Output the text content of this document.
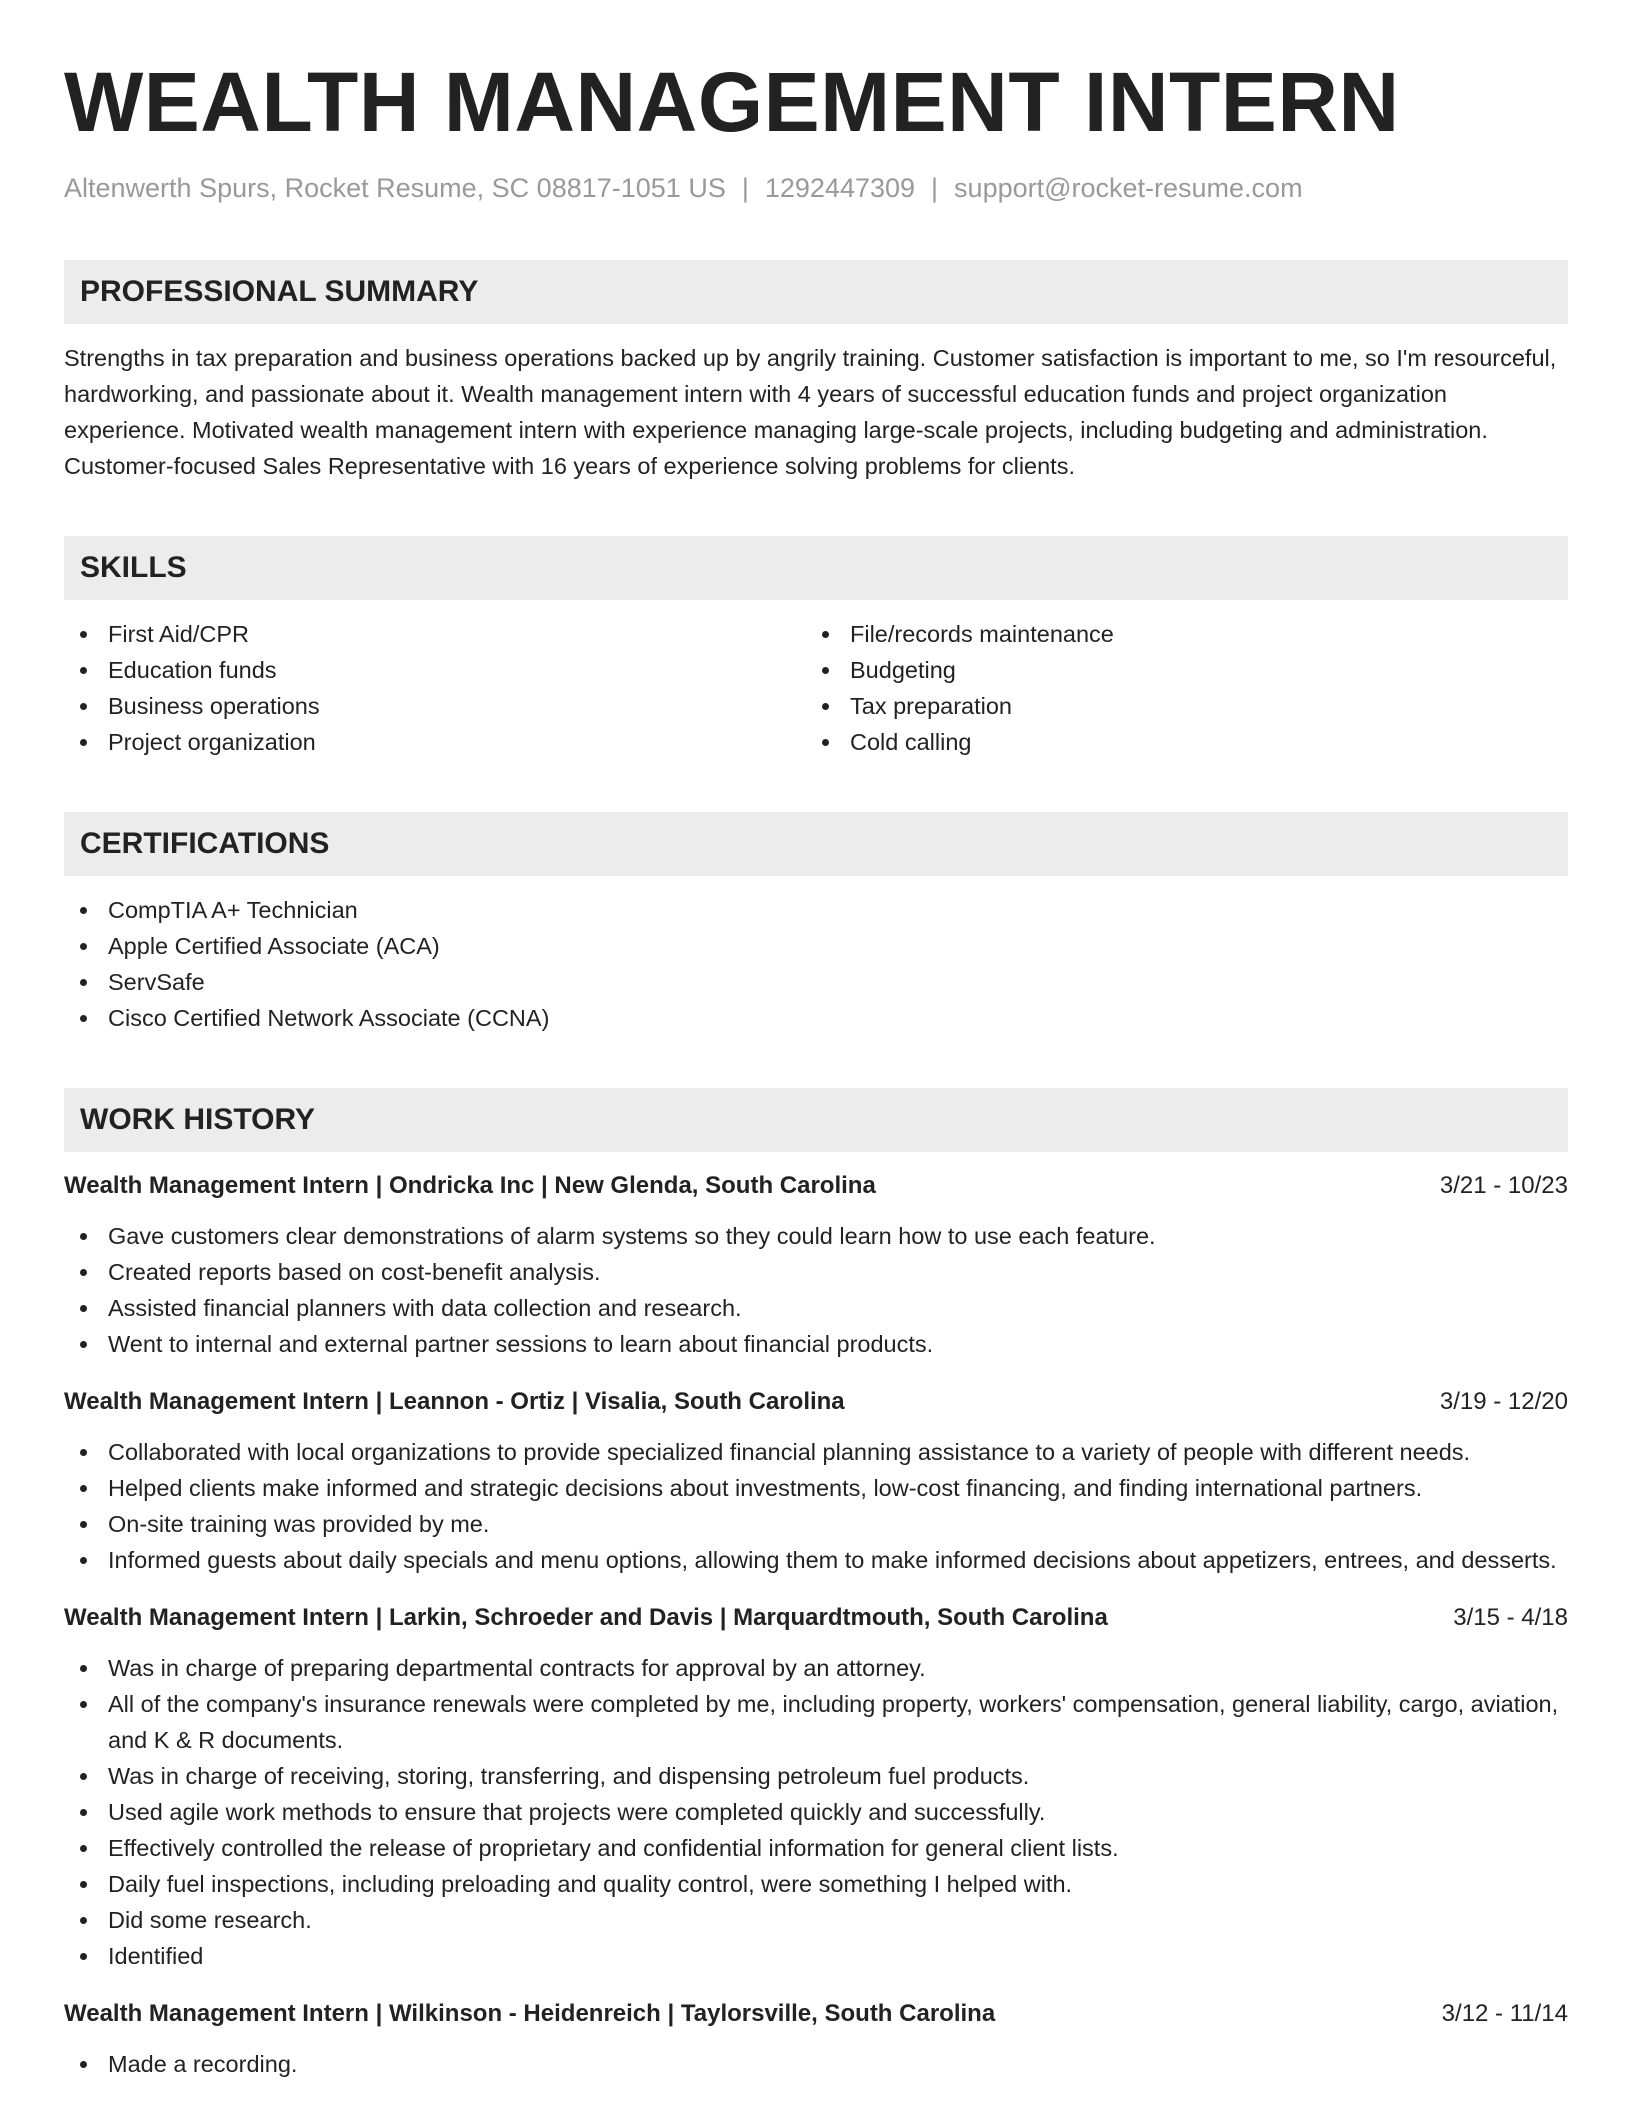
WEALTH MANAGEMENT INTERN
Altenwerth Spurs, Rocket Resume, SC 08817-1051 US | 1292447309 | support@rocket-resume.com
PROFESSIONAL SUMMARY
Strengths in tax preparation and business operations backed up by angrily training. Customer satisfaction is important to me, so I'm resourceful, hardworking, and passionate about it. Wealth management intern with 4 years of successful education funds and project organization experience. Motivated wealth management intern with experience managing large-scale projects, including budgeting and administration. Customer-focused Sales Representative with 16 years of experience solving problems for clients.
SKILLS
First Aid/CPR
Education funds
Business operations
Project organization
File/records maintenance
Budgeting
Tax preparation
Cold calling
CERTIFICATIONS
CompTIA A+ Technician
Apple Certified Associate (ACA)
ServSafe
Cisco Certified Network Associate (CCNA)
WORK HISTORY
Wealth Management Intern | Ondricka Inc | New Glenda, South Carolina	3/21 - 10/23
Gave customers clear demonstrations of alarm systems so they could learn how to use each feature.
Created reports based on cost-benefit analysis.
Assisted financial planners with data collection and research.
Went to internal and external partner sessions to learn about financial products.
Wealth Management Intern | Leannon - Ortiz | Visalia, South Carolina	3/19 - 12/20
Collaborated with local organizations to provide specialized financial planning assistance to a variety of people with different needs.
Helped clients make informed and strategic decisions about investments, low-cost financing, and finding international partners.
On-site training was provided by me.
Informed guests about daily specials and menu options, allowing them to make informed decisions about appetizers, entrees, and desserts.
Wealth Management Intern | Larkin, Schroeder and Davis | Marquardtmouth, South Carolina	3/15 - 4/18
Was in charge of preparing departmental contracts for approval by an attorney.
All of the company's insurance renewals were completed by me, including property, workers' compensation, general liability, cargo, aviation, and K & R documents.
Was in charge of receiving, storing, transferring, and dispensing petroleum fuel products.
Used agile work methods to ensure that projects were completed quickly and successfully.
Effectively controlled the release of proprietary and confidential information for general client lists.
Daily fuel inspections, including preloading and quality control, were something I helped with.
Did some research.
Identified
Wealth Management Intern | Wilkinson - Heidenreich | Taylorsville, South Carolina	3/12 - 11/14
Made a recording.
